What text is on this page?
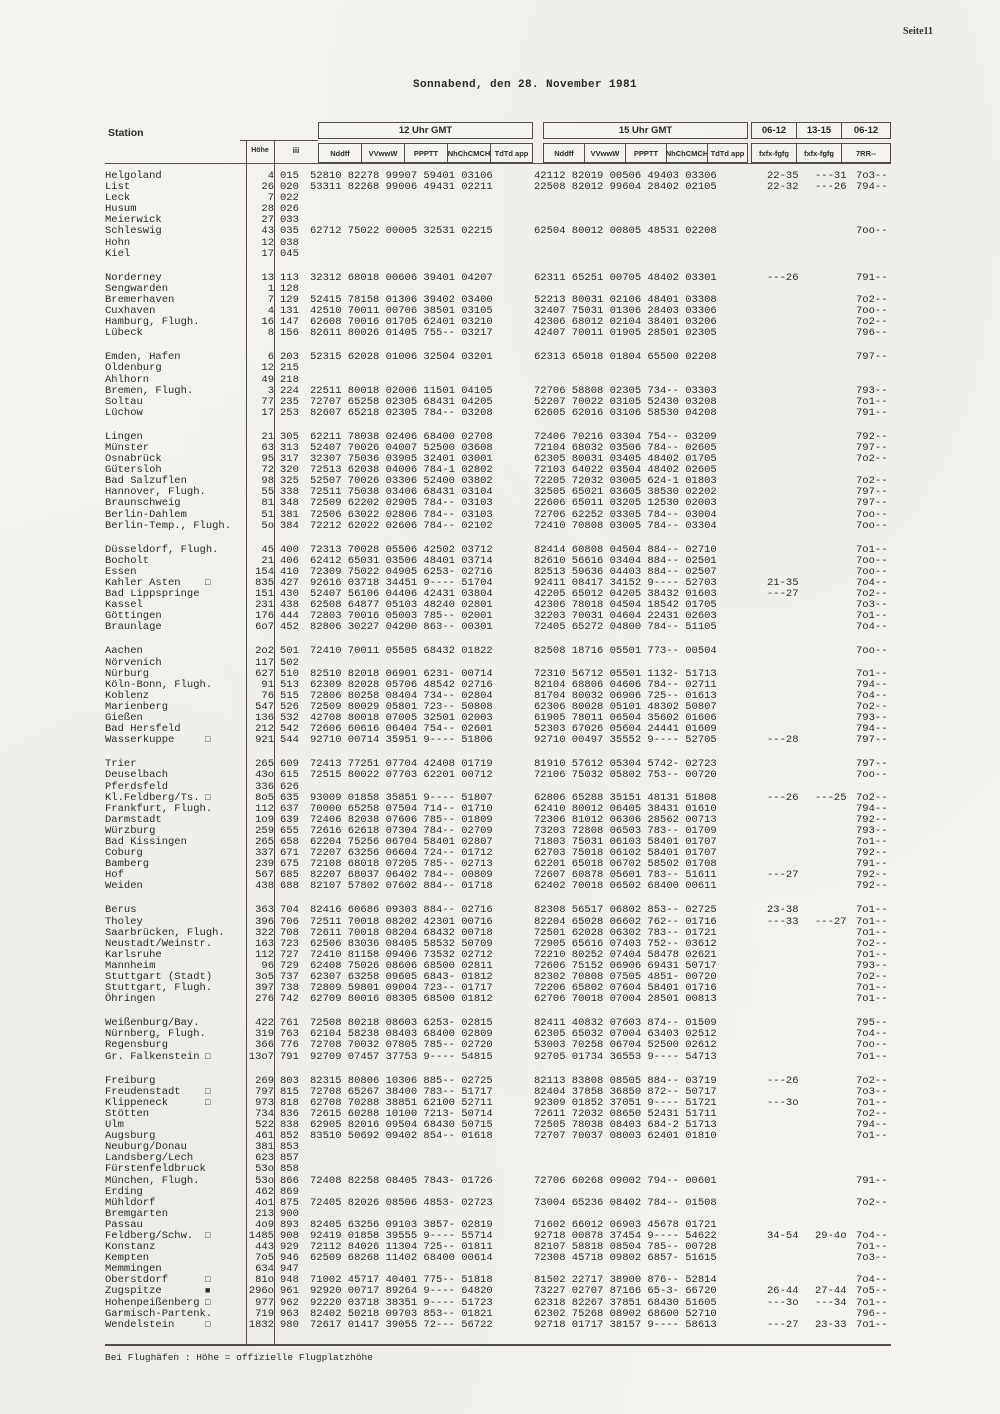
Seite11
Sonnabend, den 28. November 1981
Station
Höhe	iii
12 Uhr GMT	15 Uhr GMT
Nddff	VVwwW	PPPTT	NhChCMCH TdTd app	Nddff	VVwwW	PPPTT	NhChCMCH TdTd app
06-12	13-15	06-12
fxfx-fgfg	fxfx-fgfg	7RR--
Helgoland	4 015	52810 82278 99907 59401 03106	42112 82019 00506 49403 03306	22-35	---31 7o3--
List	26 020	53311 82268 99006 49431 02211	22508 82012 99604 28402 02105	22-32	---26 794--
Leck	7 022
Husum	28 026
Meierwick	27 033
Schleswig	43 035	62712 75022 00005 32531 02215	62504 80012 00805 48531 02208	7oo--
Hohn	12 038
Kiel	17 045
Norderney	13 113	32312 68018 00606 39401 04207	62311 65251 00705 48402 03301	---26	791--
Sengwarden	1 128
Bremerhaven	7 129	52415 78158 01306 39402 03400	52213 80031 02106 48401 03308	7o2--
Cuxhaven	4 131	42510 70011 00706 38501 03105	32407 75031 01306 28403 03306	7oo--
Hamburg, Flugh.	16 147	62608 70016 01705 62401 03210	42306 68012 02104 38401 03206	7o2--
Lübeck	8 156	82611 80026 01405 755-- 03217	42407 70011 01905 28501 02305	796--
Emden, Hafen	6 203	52315 62028 01006 32504 03201	62313 65018 01804 65500 02208	797--
Oldenburg	12 215
Ahlhorn	49 218
Bremen, Flugh.	3 224	22511 80018 02006 11501 04105	72706 58808 02305 734-- 03303	793--
Soltau	77 235	72707 65258 02305 68431 04205	52207 70022 03105 52430 03208	7o1--
Lüchow	17 253	82607 65218 02305 784-- 03208	62605 62016 03106 58530 04208	791--
Lingen	21 305	62211 78038 02406 68400 02708	72406 70216 03304 754-- 03209	792--
Münster	63 313	52407 70026 04007 52500 03608	72104 68032 03506 784-- 02605	797--
Osnabrück	95 317	32307 75036 03905 32401 03001	62305 80031 03405 48402 01705	7o2--
Gütersloh	72 320	72513 62038 04006 784-1 02802	72103 64022 03504 48402 02605
Bad Salzuflen	98 325	52507 70026 03306 52400 03802	72205 72032 03005 624-1 01803	7o2--
Hannover, Flugh.	55 338	72511 75038 03406 68431 03104	32505 65021 03605 38530 02202	797--
Braunschweig	81 348	72509 62202 02905 784-- 03103	22606 65011 03205 12530 02003	797--
Berlin-Dahlem	51 381	72506 63022 02806 784-- 03103	72706 62252 03305 784-- 03004	7oo--
Berlin-Temp., Flugh.	5o 384	72212 62022 02606 784-- 02102	72410 70808 03005 784-- 03304	7oo--
Düsseldorf, Flugh.	45 400	72313 70028 05506 42502 03712	82414 60808 04504 884-- 02710	7o1--
Bocholt	21 406	62412 65031 03506 48401 03714	82610 56616 03404 884-- 02501	7oo--
Essen	154 410	72309 75022 04905 6253- 02716	82513 59636 04403 884-- 02507	7oo--
Kahler Asten	□	835 427	92616 03718 34451 9---- 51704	92411 08417 34152 9---- 52703	21-35	7o4--
Bad Lippspringe	151 430	52407 56106 04406 42431 03804	42205 65012 04205 38432 01603	---27	7o2--
Kassel	231 438	62508 64877 05103 48240 02801	42306 78018 04504 18542 01705	7o3--
Göttingen	176 444	72803 70016 05003 785-- 02001	32203 70031 04604 22431 02603	7o1--
Braunlage	6o7 452	82806 30227 04200 863-- 00301	72405 65272 04800 784-- 51105	7o4--
Aachen	2o2 501	72410 70011 05505 68432 01822	82508 18716 05501 773-- 00504	7oo--
Nörvenich	117 502
Nürburg	627 510	82510 82018 06901 6231- 00714	72310 56712 05501 1132- 51713	7o1--
Köln-Bonn, Flugh.	91 513	62309 82028 05706 48542 02716	82104 68806 04606 784-- 02711	794--
Koblenz	76 515	72806 80258 08404 734-- 02804	81704 80032 06906 725-- 01613	7o4--
Marienberg	547 526	72509 80029 05801 723-- 50808	62306 80028 05101 48302 50807	7o2--
Gießen	136 532	42708 80018 07005 32501 02003	61905 78011 06504 35602 01606	793--
Bad Hersfeld	212 542	72606 60616 06404 754-- 02601	52303 67026 05604 24441 01609	794--
Wasserkuppe	□	921 544	92710 00714 35951 9---- 51806	92710 00497 35552 9---- 52705	---28	797--
Trier	265 609	72413 77251 07704 42408 01719	81910 57612 05304 5742- 02723	797--
Deuselbach	43o 615	72515 80022 07703 62201 00712	72106 75032 05802 753-- 00720	7oo--
Pferdsfeld	336 626
Kl.Feldberg/Ts. □	8o5 635	93009 01858 35851 9---- 51807	62806 65288 35151 48131 51808	---26	---25 7o2--
Frankfurt, Flugh.	112 637	70000 65258 07504 714-- 01710	62410 80012 06405 38431 01610	794--
Darmstadt	1o9 639	72406 82038 07606 785-- 01809	72306 81012 06306 28562 00713	792--
Würzburg	259 655	72616 62618 07304 784-- 02709	73203 72808 06503 783-- 01709	793--
Bad Kissingen	265 658	62204 75256 06704 58401 02807	71803 75031 06103 58401 01707	7o1--
Coburg	337 671	72207 63256 06604 724-- 01712	62703 75018 06102 58401 01707	792--
Bamberg	239 675	72108 68018 07205 785-- 02713	62201 65018 06702 58502 01708	791--
Hof	567 685	82207 68037 06402 784-- 00809	72607 60878 05601 783-- 51611	---27	792--
Weiden	438 688	82107 57802 07602 884-- 01718	62402 70018 06502 68400 00611	792--
Berus	363 704	82416 60686 09303 884-- 02716	82308 56517 06802 853-- 02725	23-38	7o1--
Tholey	396 706	72511 70018 08202 42301 00716	82204 65028 06602 762-- 01716	---33	---27 7o1--
Saarbrücken, Flugh.	322 708	72611 70018 08204 68432 00718	72501 62028 06302 783-- 01721	7o1--
Neustadt/Weinstr.	163 723	62506 83036 08405 58532 50709	72905 65616 07403 752-- 03612	7o2--
Karlsruhe	112 727	72410 81158 09406 73532 02712	72210 80252 07404 58478 02621	7o1--
Mannheim	96 729	62408 75026 08606 68500 02811	72606 75152 06906 69431 50717	793--
Stuttgart (Stadt)	3o5 737	62307 63258 09605 6843- 01812	82302 70808 07505 4851- 00720	7o2--
Stuttgart, Flugh.	397 738	72809 59801 09004 723-- 01717	72206 65802 07604 58401 01716	7o1--
Öhringen	276 742	62709 80016 08305 68500 01812	62706 70018 07004 28501 00813	7o1--
Weißenburg/Bay.	422 761	72508 80218 08603 6253- 02815	82411 40832 07603 874-- 01509	795--
Nürnberg, Flugh.	319 763	62104 58238 08403 68400 02809	62305 65032 07004 63403 02512	7o4--
Regensburg	366 776	72708 70032 07805 785-- 02720	53003 70258 06704 52500 02612	7oo--
Gr. Falkenstein □	13o7 791	92709 07457 37753 9---- 54815	92705 01734 36553 9---- 54713	7o1--
Freiburg	269 803	82315 80806 10306 885-- 02725	82113 83808 08505 884-- 03719	---26	7o2--
Freudenstadt	□	797 815	72708 65267 38400 783-- 51717	82404 37858 36850 872-- 50717	7o3--
Klippeneck	□	973 818	62708 70288 38851 62100 52711	92309 01852 37051 9---- 51721	---3o	7o1--
Stötten	734 836	72615 60288 10100 7213- 50714	72611 72032 08650 52431 51711	7o2--
Ulm	522 838	62905 82016 09504 68430 50715	72505 78038 08403 684-2 51713	794--
Augsburg	461 852	83510 50692 09402 854-- 01618	72707 70037 08003 62401 01810	7o1--
Neuburg/Donau	381 853
Landsberg/Lech	623 857
Fürstenfeldbruck	53o 858
München, Flugh.	53o 866	72408 82258 08405 7843- 01726	72706 60268 09002 794-- 00601	791--
Erding	462 869
Mühldorf	4o1 875	72405 82026 08506 4853- 02723	73004 65236 08402 784-- 01508	7o2--
Bremgarten	213 900
Passau	4o9 893	82405 63256 09103 3857- 02819	71602 66012 06903 45678 01721
Feldberg/Schw.	□	1485 908	92419 01858 39555 9---- 55714	92718 00878 37454 9---- 54622	34-54	29-4o 7o4--
Konstanz	443 929	72112 84026 11304 725-- 01811	82107 58818 08504 785-- 00728	7o1--
Kempten	7o5 946	62509 68268 11402 68400 00614	72308 45718 09802 6857- 51615	7o3--
Memmingen	634 947
Oberstdorf	□	81o 948	71002 45717 40401 775-- 51818	81502 22717 38900 876-- 52814	7o4--
Zugspitze	■	296o 961	92920 00717 89264 9---- 64820	73227 02707 87166 65-3- 66720	26-44	27-44 7o5--
Hohenpeißenberg □	977 962	92220 03718 38351 9---- 51723	62318 82267 37851 68430 51605	---3o	---34 7o1--
Garmisch-Partenk.	719 963	82402 50218 09703 853-- 01821	62302 75268 08902 68600 52710	796--
Wendelstein	□	1832 980	72617 01417 39055 72--- 56722	92718 01717 38157 9---- 58613	---27	23-33 7o1--
Bei Flughäfen : Höhe = offizielle Flugplatzhöhe
